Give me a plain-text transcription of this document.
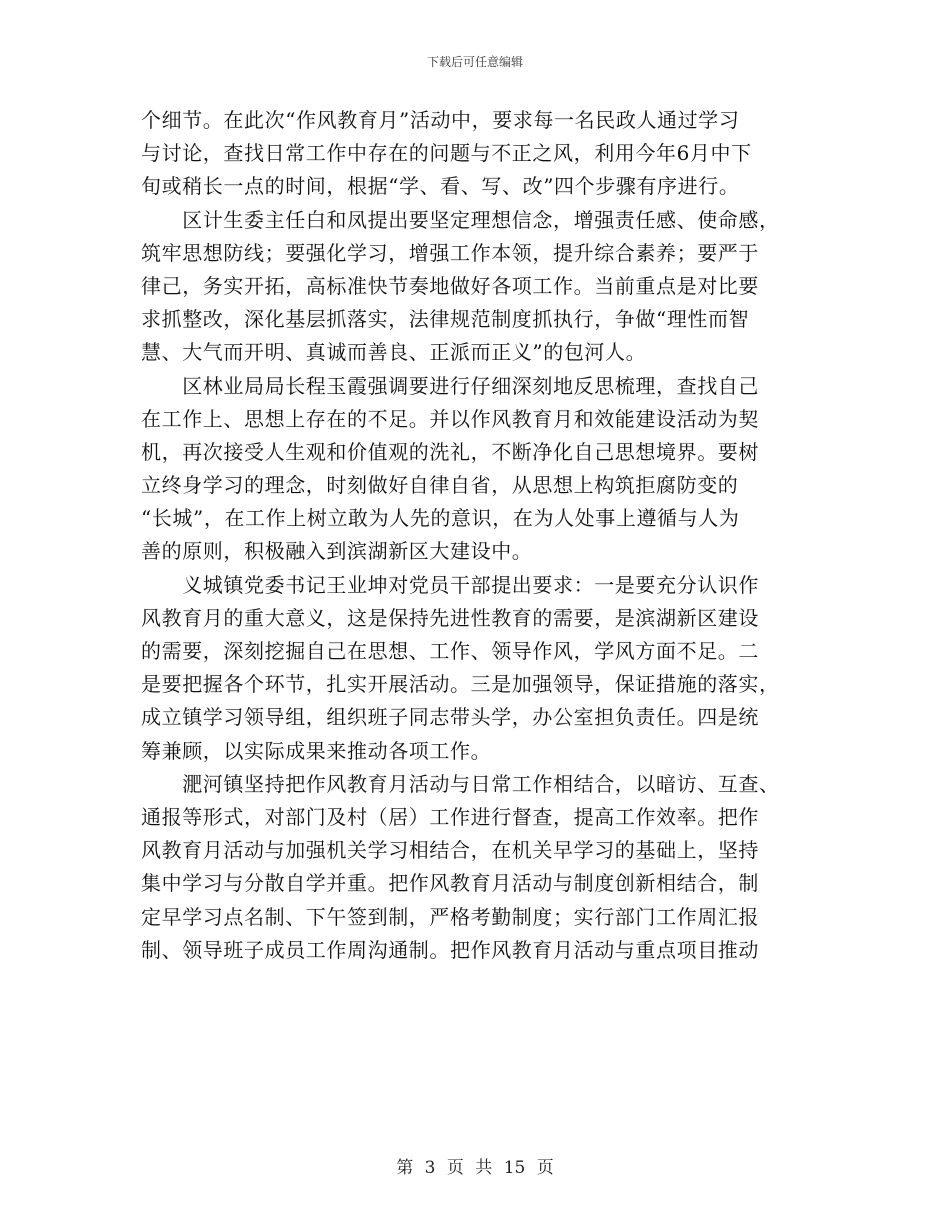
下载后可任意编辑
个细节。在此次“作风教育月”活动中，要求每一名民政人通过学习
与讨论，查找日常工作中存在的问题与不正之风，利用今年6月中下
旬或稍长一点的时间，根据“学、看、写、改”四个步骤有序进行。
　　区计生委主任白和凤提出要坚定理想信念，增强责任感、使命感，
筑牢思想防线；要强化学习，增强工作本领，提升综合素养；要严于
律己，务实开拓，高标准快节奏地做好各项工作。当前重点是对比要
求抓整改，深化基层抓落实，法律规范制度抓执行，争做“理性而智
慧、大气而开明、真诚而善良、正派而正义”的包河人。
　　区林业局局长程玉霞强调要进行仔细深刻地反思梳理，查找自己
在工作上、思想上存在的不足。并以作风教育月和效能建设活动为契
机，再次接受人生观和价值观的洗礼，不断净化自己思想境界。要树
立终身学习的理念，时刻做好自律自省，从思想上构筑拒腐防变的
“长城”，在工作上树立敢为人先的意识，在为人处事上遵循与人为
善的原则，积极融入到滨湖新区大建设中。
　　义城镇党委书记王业坤对党员干部提出要求：一是要充分认识作
风教育月的重大意义，这是保持先进性教育的需要，是滨湖新区建设
的需要，深刻挖掘自己在思想、工作、领导作风，学风方面不足。二
是要把握各个环节，扎实开展活动。三是加强领导，保证措施的落实，
成立镇学习领导组，组织班子同志带头学，办公室担负责任。四是统
筹兼顾，以实际成果来推动各项工作。
　　淝河镇坚持把作风教育月活动与日常工作相结合，以暗访、互查、
通报等形式，对部门及村（居）工作进行督查，提高工作效率。把作
风教育月活动与加强机关学习相结合，在机关早学习的基础上，坚持
集中学习与分散自学并重。把作风教育月活动与制度创新相结合，制
定早学习点名制、下午签到制，严格考勤制度；实行部门工作周汇报
制、领导班子成员工作周沟通制。把作风教育月活动与重点项目推动
第 3 页 共 15 页
